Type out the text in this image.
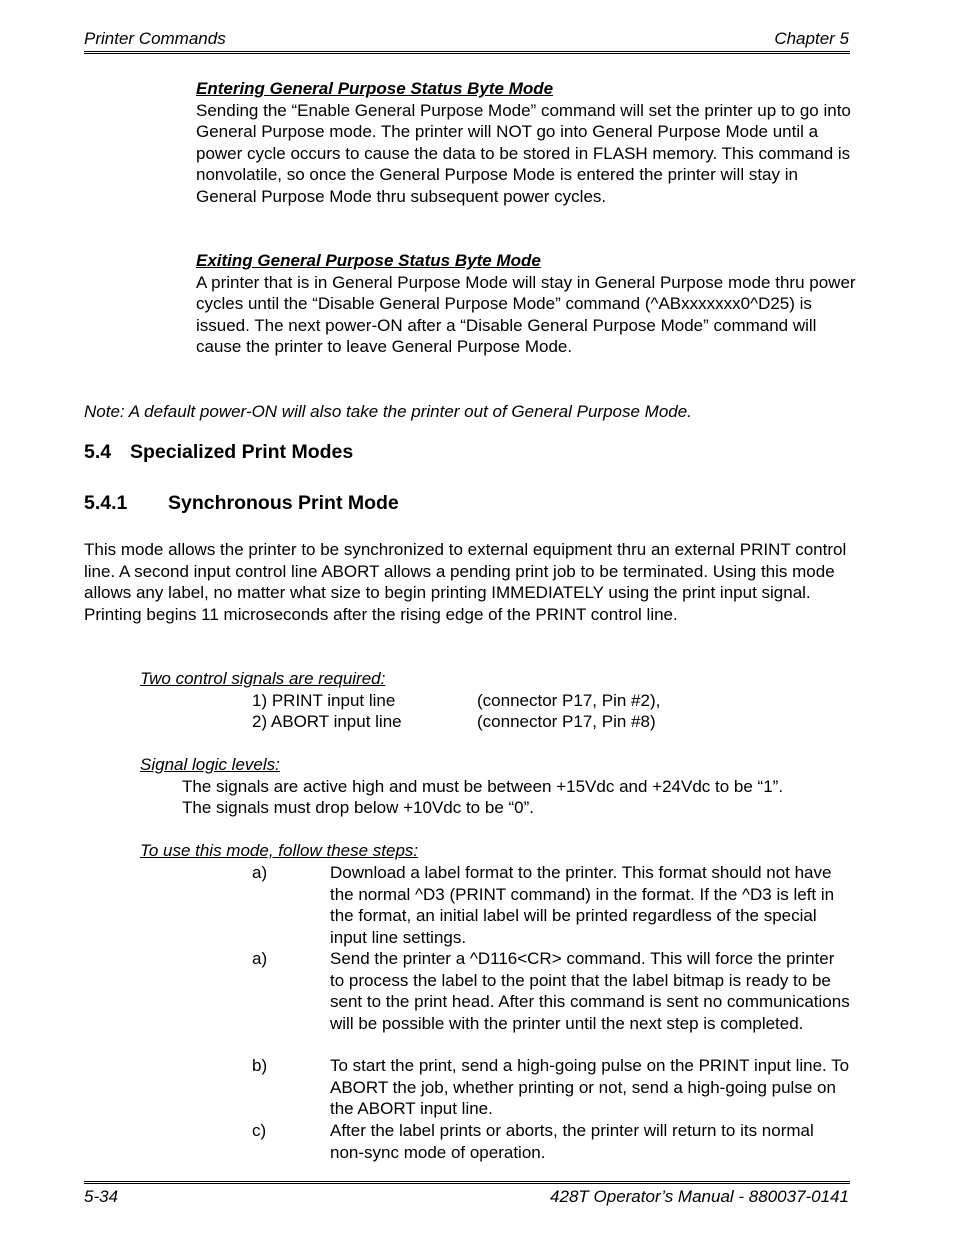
Printer Commands	Chapter 5
Entering General Purpose Status Byte Mode
Sending the “Enable General Purpose Mode” command will set the printer up to go into General Purpose mode. The printer will NOT go into General Purpose Mode until a power cycle occurs to cause the data to be stored in FLASH memory. This command is nonvolatile, so once the General Purpose Mode is entered the printer will stay in General Purpose Mode thru subsequent power cycles.
Exiting General Purpose Status Byte Mode
A printer that is in General Purpose Mode will stay in General Purpose mode thru power cycles until the “Disable General Purpose Mode” command (^ABxxxxxxx0^D25) is issued. The next power-ON after a “Disable General Purpose Mode” command will cause the printer to leave General Purpose Mode.
Note: A default power-ON will also take the printer out of General Purpose Mode.
5.4 Specialized Print Modes
5.4.1 Synchronous Print Mode
This mode allows the printer to be synchronized to external equipment thru an external PRINT control line. A second input control line ABORT allows a pending print job to be terminated. Using this mode allows any label, no matter what size to begin printing IMMEDIATELY using the print input signal. Printing begins 11 microseconds after the rising edge of the PRINT control line.
Two control signals are required:
1) PRINT input line	(connector P17, Pin #2),
2) ABORT input line	(connector P17, Pin #8)
Signal logic levels:
The signals are active high and must be between +15Vdc and +24Vdc to be “1”.
The signals must drop below +10Vdc to be “0”.
To use this mode, follow these steps:
a)	Download a label format to the printer. This format should not have the normal ^D3 (PRINT command) in the format. If the ^D3 is left in the format, an initial label will be printed regardless of the special input line settings.
a)	Send the printer a ^D116<CR> command. This will force the printer to process the label to the point that the label bitmap is ready to be sent to the print head. After this command is sent no communications will be possible with the printer until the next step is completed.
b)	To start the print, send a high-going pulse on the PRINT input line. To ABORT the job, whether printing or not, send a high-going pulse on the ABORT input line.
c)	After the label prints or aborts, the printer will return to its normal non-sync mode of operation.
5-34	428T Operator’s Manual - 880037-0141
